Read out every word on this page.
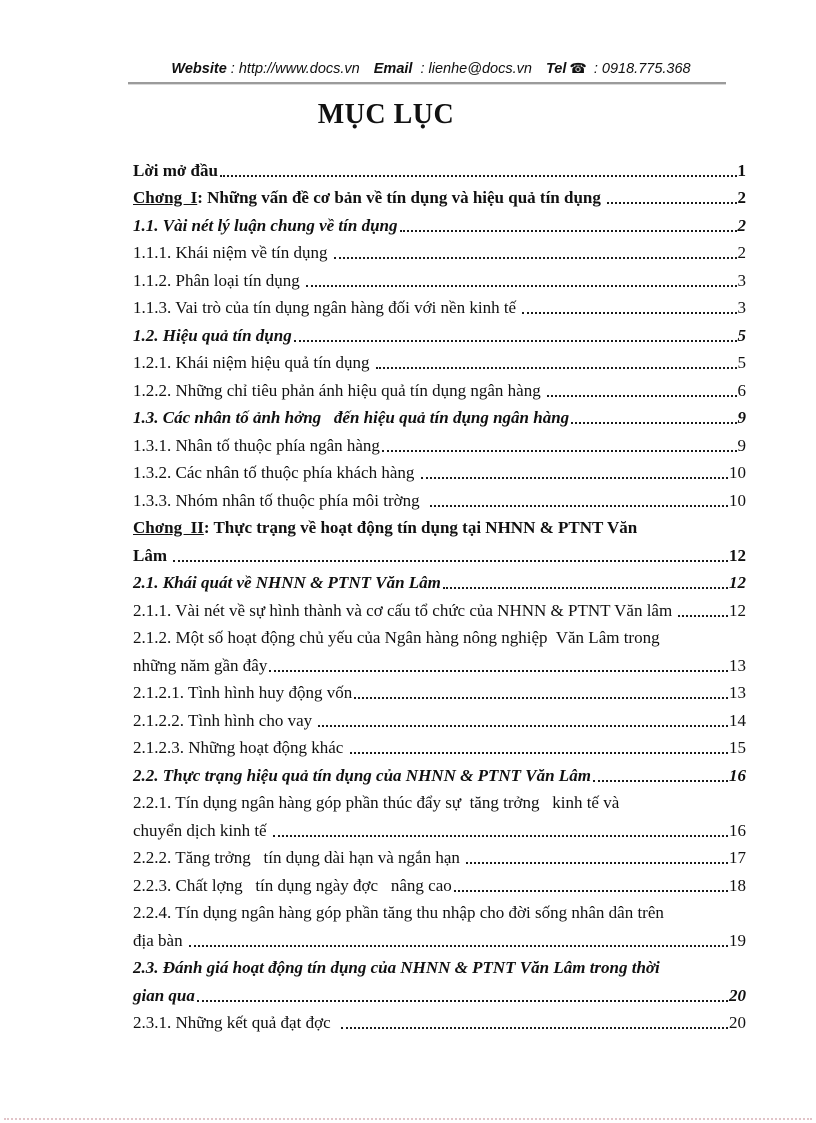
Website : http://www.docs.vn Email  : lienhe@docs.vn Tel ☎ : 0918.775.368

MỤC LỤC
Lời mở đầu	1
Chơng  I : Những vấn đề cơ bản về tín dụng và hiệu quả tín dụng	2
1.1. Vài nét lý luận chung về tín dụng	2
1.1.1. Khái niệm về tín dụng	2
1.1.2. Phân loại tín dụng	3
1.1.3. Vai trò của tín dụng ngân hàng đối với nền kinh tế	3
1.2. Hiệu quả tín dụng	5
1.2.1. Khái niệm hiệu quả tín dụng	5
1.2.2. Những chỉ tiêu phản ánh hiệu quả tín dụng ngân hàng	6
1.3. Các nhân tố ảnh hởng   đến hiệu quả tín dụng ngân hàng	9
1.3.1. Nhân tố thuộc phía ngân hàng	9
1.3.2. Các nhân tố thuộc phía khách hàng	10
1.3.3. Nhóm nhân tố thuộc phía môi trờng	10
Chơng  II : Thực trạng về hoạt động tín dụng tại NHNN & PTNT Văn
Lâm	12
2.1. Khái quát về NHNN & PTNT Văn Lâm	12
2.1.1. Vài nét về sự hình thành và cơ cấu tổ chức của NHNN & PTNT Văn lâm	12
2.1.2. Một số hoạt động chủ yếu của Ngân hàng nông nghiệp  Văn Lâm trong
những năm gần đây	13
2.1.2.1. Tình hình huy động vốn	13
2.1.2.2. Tình hình cho vay	14
2.1.2.3. Những hoạt động khác	15
2.2. Thực trạng hiệu quả tín dụng của NHNN & PTNT Văn Lâm	16
2.2.1. Tín dụng ngân hàng góp phần thúc đẩy sự  tăng trởng   kinh tế và
chuyển dịch kinh tế	16
2.2.2. Tăng trởng   tín dụng dài hạn và ngắn hạn	17
2.2.3. Chất lợng   tín dụng ngày đợc   nâng cao	18
2.2.4. Tín dụng ngân hàng góp phần tăng thu nhập cho đời sống nhân dân trên
địa bàn	19
2.3. Đánh giá hoạt động tín dụng của NHNN & PTNT Văn Lâm trong thời
gian qua	20
2.3.1. Những kết quả đạt đợc	20
